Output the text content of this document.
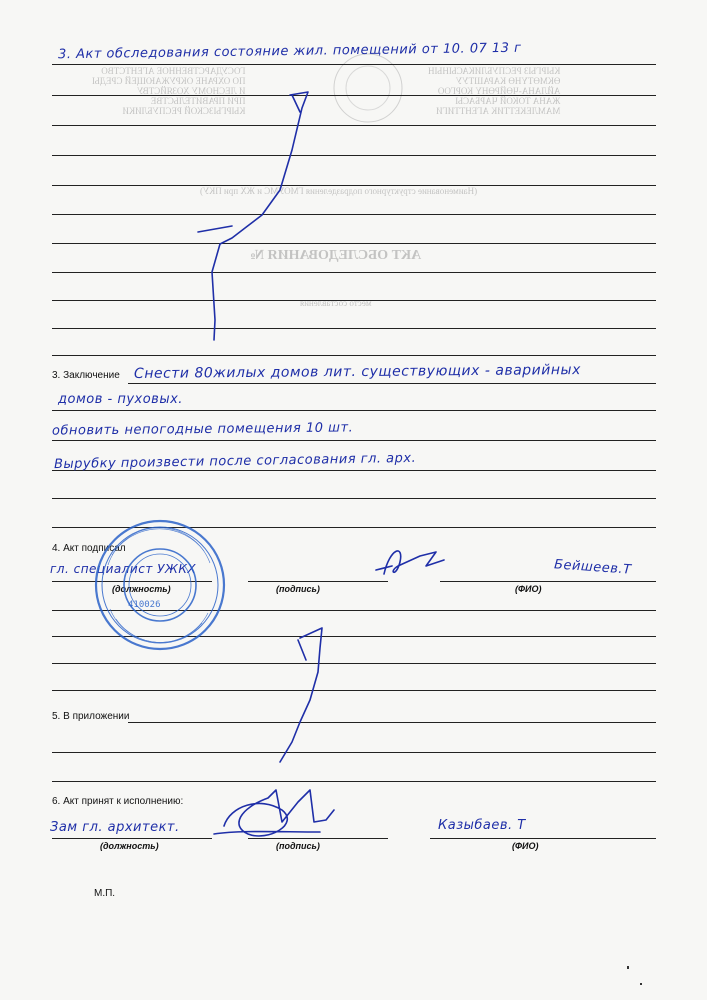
ГОСУДАРСТВЕННОЕ АГЕНТСТВО
ПО ОХРАНЕ ОКРУЖАЮЩЕЙ СРЕДЫ
И ЛЕСНОМУ ХОЗЯЙСТВУ
ПРИ ПРАВИТЕЛЬСТВЕ
КЫРГЫЗСКОЙ РЕСПУБЛИКИ
КЫРГЫЗ РЕСПУБЛИКАСЫНЫН
ӨКМӨТҮНӨ КАРАШТУУ
АЙЛАНА-ЧӨЙРӨНҮ КОРГОО
ЖАНА ТОКОЙ ЧАРБАСЫ
МАМЛЕКЕТТИК АГЕНТТИГИ
(Наименование структурного подразделения ГМОУМС и ЖХ при ПКУ)
АКТ ОБСЛЕДОВАНИЯ №
место составления
3. Заключение
4. Акт подписал
(должность)	(подпись)	(ФИО)
5. В приложении
6. Акт принят к исполнению:
(должность)	(подпись)	(ФИО)
М.П.
3. Акт обследования состояние жил. помещений от 10. 07 13 г
Снести 80жилых домов лит. существующих - аварийных
домов - пуховых.
обновить непогодные помещения 10 шт.
Вырубку произвести после согласования гл. арх.
гл. специалист УЖКХ	Бейшеев.Т
Зам гл. архитект.	Казыбаев. Т
410026
